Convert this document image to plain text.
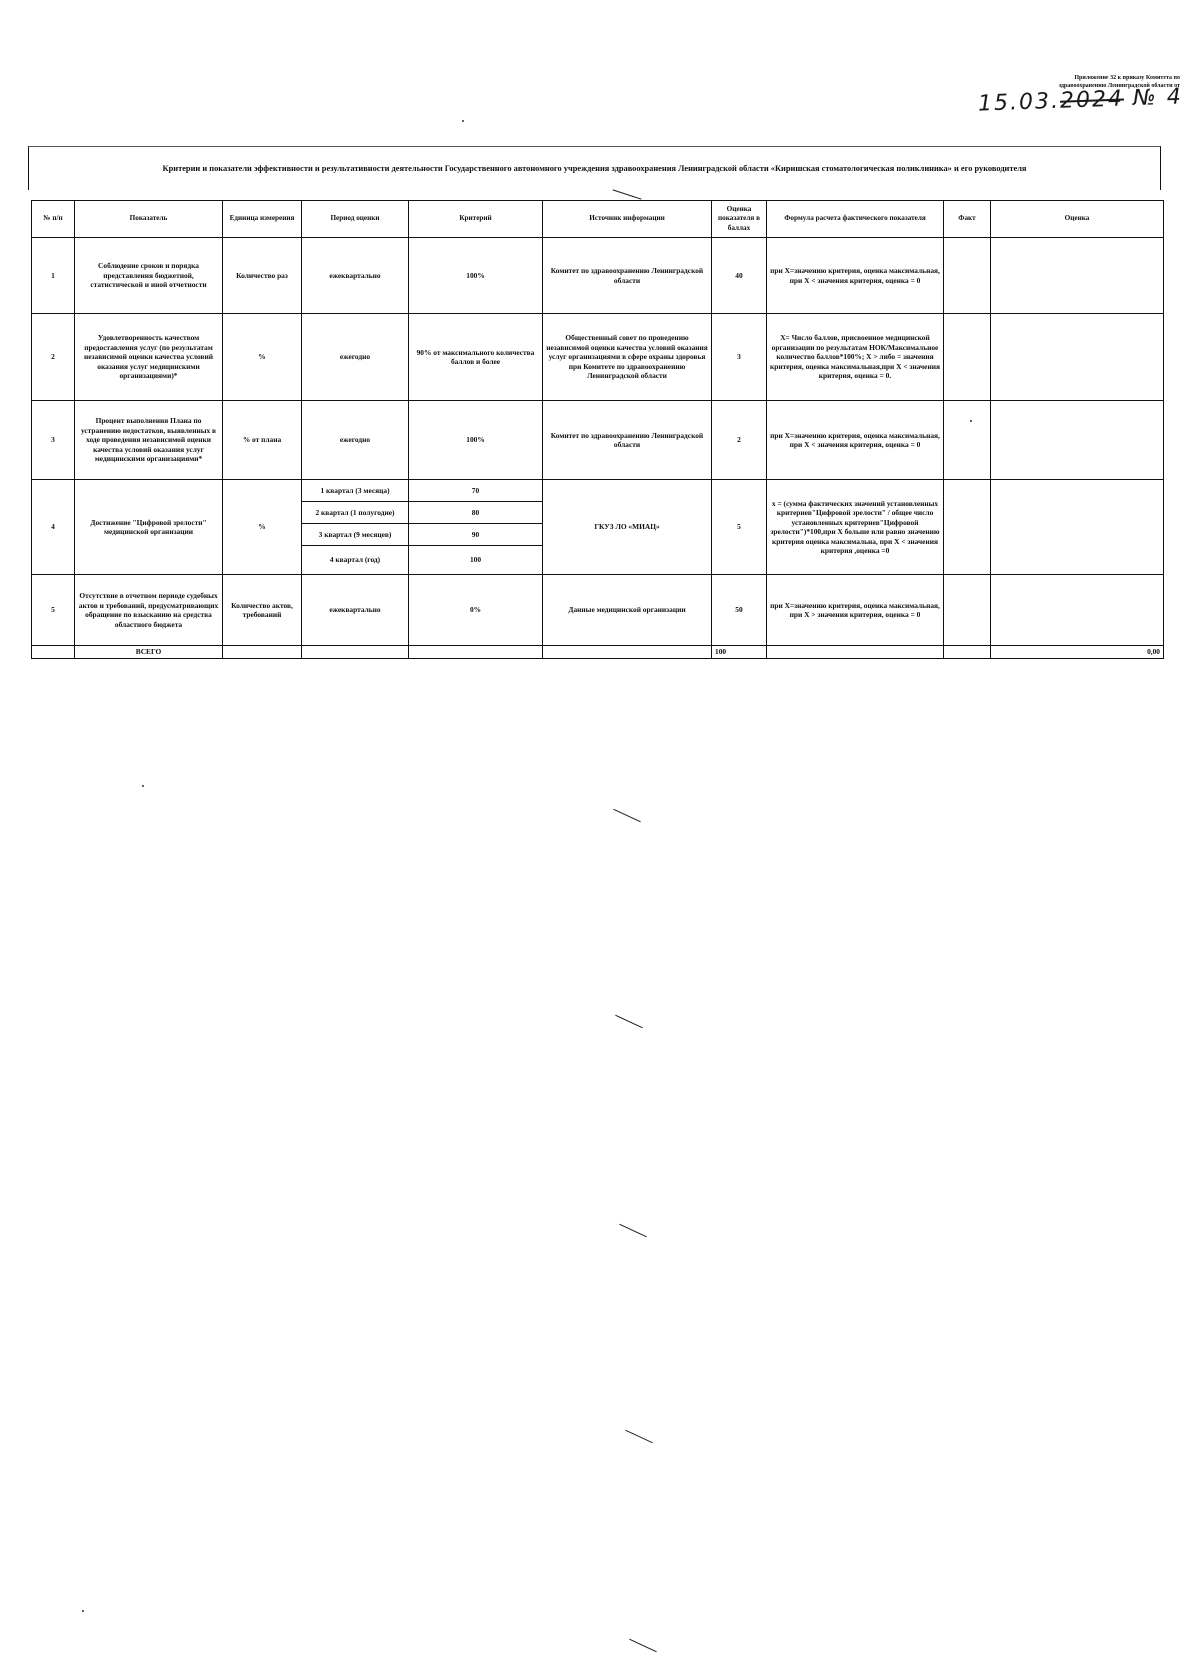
Приложение 32 к приказу Комитета по
здравоохранению Ленинградской области от
15.03.2024 № 4
Критерии и показатели эффективности и результативности деятельности Государственного автономного учреждения здравоохранения Ленинградской области «Киришская стоматологическая поликлиника» и его руководителя
№ п/п	Показатель	Единица измерения	Период оценки	Критерий	Источник информации	Оценка показателя в баллах	Формула расчета фактического показателя	Факт	Оценка
1	Соблюдение сроков и порядка представления бюджетной, статистической и иной отчетности	Количество раз	ежеквартально	100%	Комитет по здравоохранению Ленинградской области	40	при X=значению критерия, оценка максимальная, при X < значения критерия, оценка = 0		
2	Удовлетворенность качеством предоставления услуг (по результатам независимой оценки качества условий оказания услуг медицинскими организациями)*	%	ежегодно	90% от максимального количества баллов и более	Общественный совет по проведению независимой оценки качества условий оказания услуг организациями в сфере охраны здоровья при Комитете по здравоохранению Ленинградской области	3	X= Число баллов, присвоенное медицинской организации по результатам НОК/Максимальное количество баллов*100%; X > либо = значения критерия, оценка максимальная,при X < значения критерия, оценка = 0.		
3	Процент выполнения Плана по устранению недостатков, выявленных в ходе проведения независимой оценки качества условий оказания услуг медицинскими организациями*	% от плана	ежегодно	100%	Комитет по здравоохранению Ленинградской области	2	при X=значению критерия, оценка максимальная, при X < значения критерия, оценка = 0		
4	Достижение "Цифровой зрелости" медицинской организации	%	1 квартал (3 месяца)	70	ГКУЗ ЛО «МИАЦ»	5	x = (сумма фактических значений установленных критериев"Цифровой зрелости" / общее число установленных критериев"Цифровой зрелости")*100,при X больше или равно значению критерия оценка максимальна, при X < значения критерия ,оценка =0		
			2 квартал (1 полугодие)	80					
			3 квартал (9 месяцев)	90					
			4 квартал (год)	100					
5	Отсутствие в отчетном периоде судебных актов и требований, предусматривающих обращение по взысканию на средства областного бюджета	Количество актов, требований	ежеквартально	0%	Данные медицинской организации	50	при X=значению критерия, оценка максимальная, при X > значения критерия, оценка = 0		
	ВСЕГО					100			0,00
